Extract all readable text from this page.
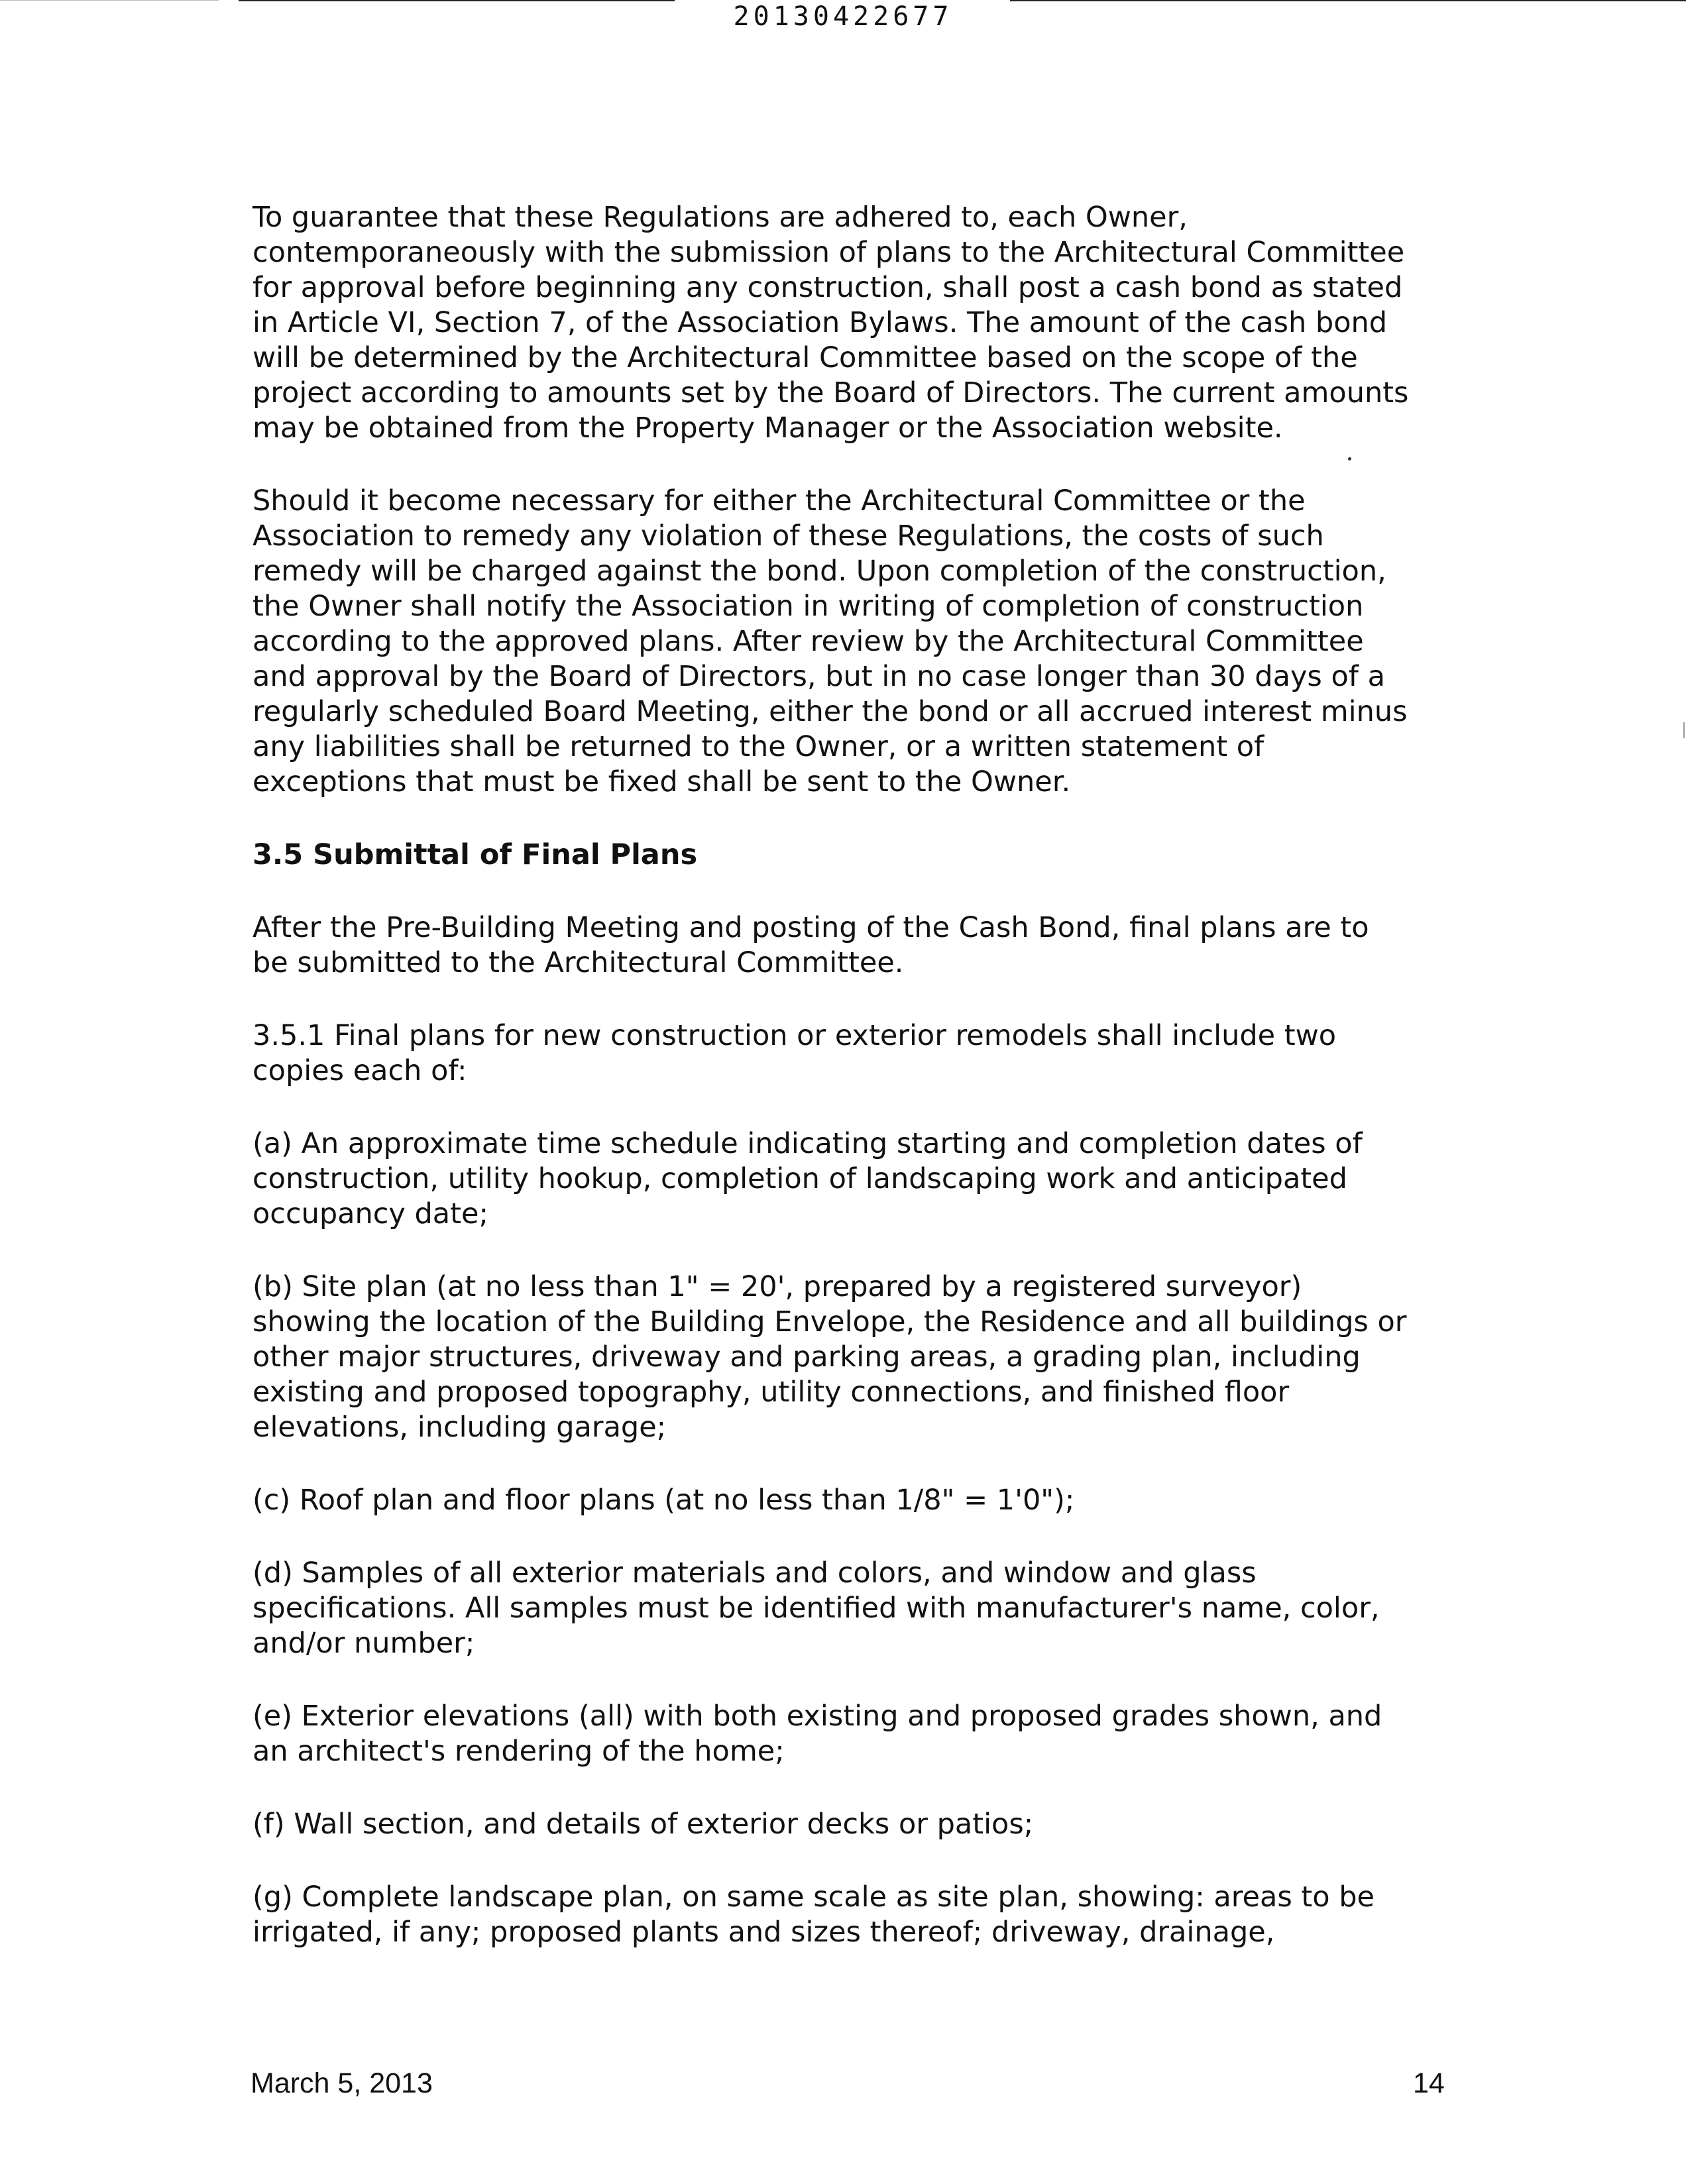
20130422677

To guarantee that these Regulations are adhered to, each Owner,
contemporaneously with the submission of plans to the Architectural Committee
for approval before beginning any construction, shall post a cash bond as stated
in Article VI, Section 7, of the Association Bylaws. The amount of the cash bond
will be determined by the Architectural Committee based on the scope of the
project according to amounts set by the Board of Directors. The current amounts
may be obtained from the Property Manager or the Association website.

Should it become necessary for either the Architectural Committee or the
Association to remedy any violation of these Regulations, the costs of such
remedy will be charged against the bond. Upon completion of the construction,
the Owner shall notify the Association in writing of completion of construction
according to the approved plans. After review by the Architectural Committee
and approval by the Board of Directors, but in no case longer than 30 days of a
regularly scheduled Board Meeting, either the bond or all accrued interest minus
any liabilities shall be returned to the Owner, or a written statement of
exceptions that must be fixed shall be sent to the Owner.

3.5 Submittal of Final Plans

After the Pre-Building Meeting and posting of the Cash Bond, final plans are to
be submitted to the Architectural Committee.

3.5.1 Final plans for new construction or exterior remodels shall include two
copies each of:

(a) An approximate time schedule indicating starting and completion dates of
construction, utility hookup, completion of landscaping work and anticipated
occupancy date;

(b) Site plan (at no less than 1" = 20', prepared by a registered surveyor)
showing the location of the Building Envelope, the Residence and all buildings or
other major structures, driveway and parking areas, a grading plan, including
existing and proposed topography, utility connections, and finished floor
elevations, including garage;

(c) Roof plan and floor plans (at no less than 1/8" = 1'0");

(d) Samples of all exterior materials and colors, and window and glass
specifications. All samples must be identified with manufacturer's name, color,
and/or number;

(e) Exterior elevations (all) with both existing and proposed grades shown, and
an architect's rendering of the home;

(f) Wall section, and details of exterior decks or patios;

(g) Complete landscape plan, on same scale as site plan, showing: areas to be
irrigated, if any; proposed plants and sizes thereof; driveway, drainage,

March 5, 2013	14
